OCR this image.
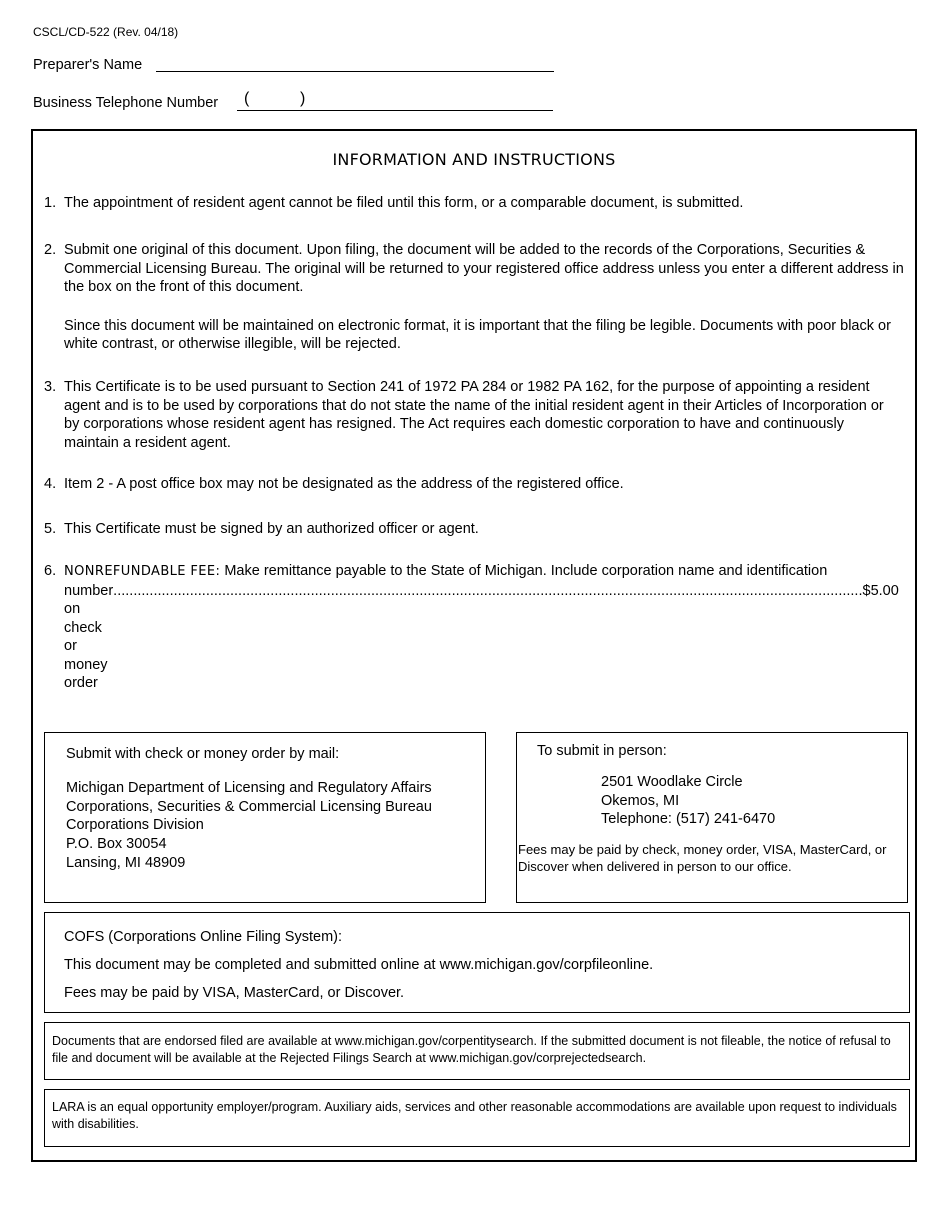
CSCL/CD-522 (Rev. 04/18)
Preparer's Name
Business Telephone Number (	)
INFORMATION AND INSTRUCTIONS
1. The appointment of resident agent cannot be filed until this form, or a comparable document, is submitted.
2. Submit one original of this document. Upon filing, the document will be added to the records of the Corporations, Securities & Commercial Licensing Bureau. The original will be returned to your registered office address unless you enter a different address in the box on the front of this document.
Since this document will be maintained on electronic format, it is important that the filing be legible. Documents with poor black or white contrast, or otherwise illegible, will be rejected.
3. This Certificate is to be used pursuant to Section 241 of 1972 PA 284 or 1982 PA 162, for the purpose of appointing a resident agent and is to be used by corporations that do not state the name of the initial resident agent in their Articles of Incorporation or by corporations whose resident agent has resigned. The Act requires each domestic corporation to have and continuously maintain a resident agent.
4. Item 2 - A post office box may not be designated as the address of the registered office.
5. This Certificate must be signed by an authorized officer or agent.
6. NONREFUNDABLE FEE: Make remittance payable to the State of Michigan. Include corporation name and identification
number on check or money order
.......................................................................................................................................................................................... $5.00
Submit with check or money order by mail:
Michigan Department of Licensing and Regulatory Affairs
Corporations, Securities & Commercial Licensing Bureau
Corporations Division
P.O. Box 30054
Lansing, MI 48909
To submit in person:
2501 Woodlake Circle
Okemos, MI
Telephone: (517) 241-6470
Fees may be paid by check, money order, VISA, MasterCard, or Discover when delivered in person to our office.
COFS (Corporations Online Filing System):
This document may be completed and submitted online at www.michigan.gov/corpfileonline.
Fees may be paid by VISA, MasterCard, or Discover.
Documents that are endorsed filed are available at www.michigan.gov/corpentitysearch. If the submitted document is not fileable, the notice of refusal to file and document will be available at the Rejected Filings Search at www.michigan.gov/corprejectedsearch.
LARA is an equal opportunity employer/program. Auxiliary aids, services and other reasonable accommodations are available upon request to individuals with disabilities.
